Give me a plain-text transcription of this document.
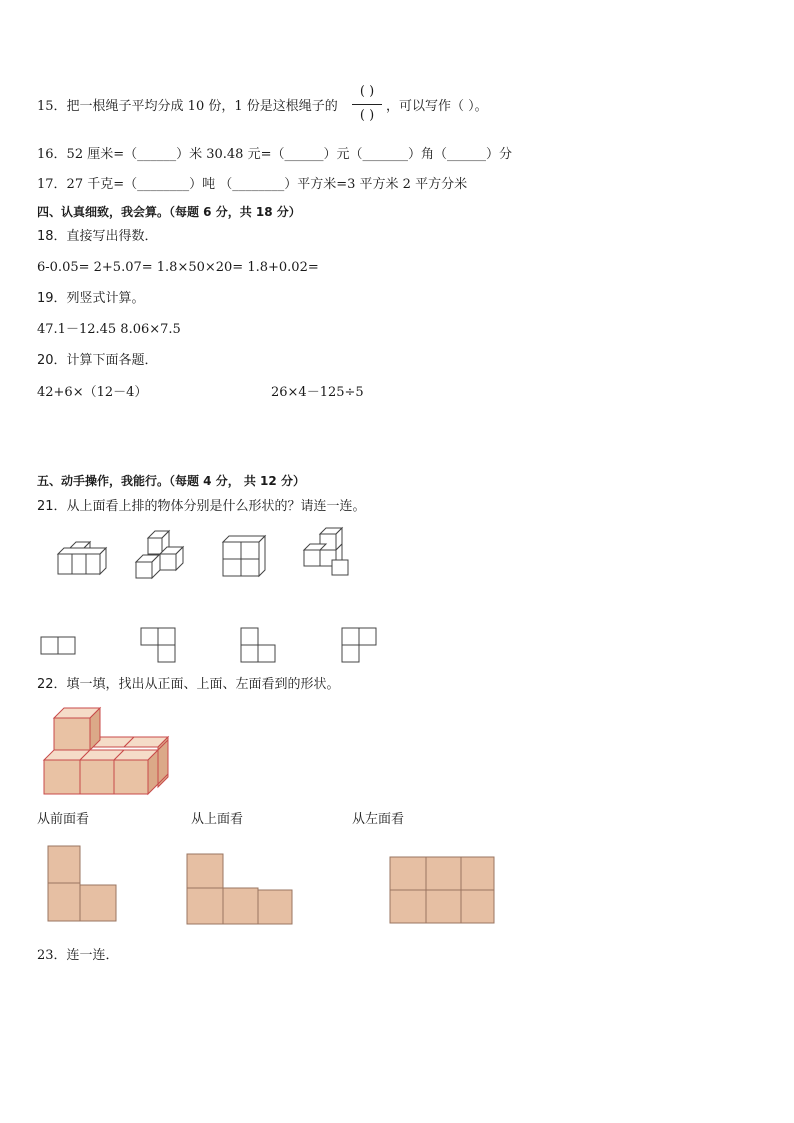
15．把一根绳子平均分成 10 份，1 份是这根绳子的
( )
( )
，可以写作（ ）。
16．52 厘米=（______）米 30.48 元=（______）元（_______）角（______）分
17．27 千克=（________）吨 （________）平方米=3 平方米 2 平方分米
四、认真细致，我会算。（每题 6 分，共 18 分）
18．直接写出得数．
6-0.05= 2+5.07= 1.8×50×20= 1.8+0.02=
19．列竖式计算。
47.1－12.45 8.06×7.5
20．计算下面各题．
42+6×（12－4）	26×4－125÷5
五、动手操作，我能行。（每题 4 分， 共 12 分）
21．从上面看上排的物体分别是什么形状的？请连一连。
22．填一填，找出从正面、上面、左面看到的形状。
从前面看	从上面看	从左面看
23．连一连．
